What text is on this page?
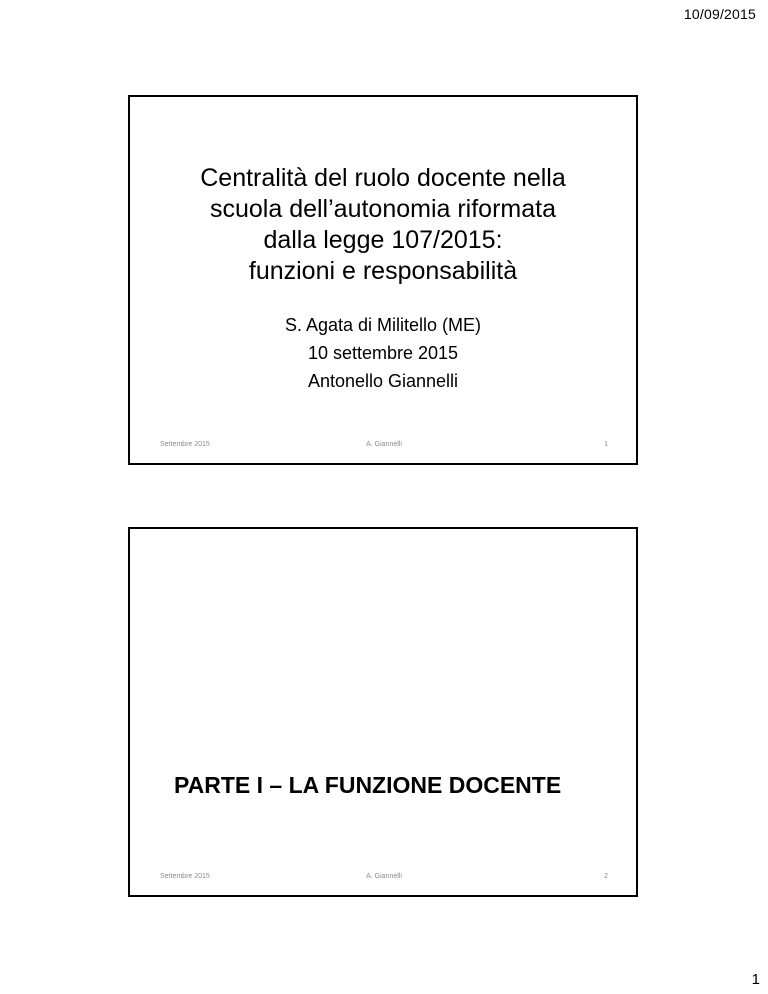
10/09/2015
Centralità del ruolo docente nella
scuola dell’autonomia riformata
dalla legge 107/2015:
funzioni e responsabilità
S. Agata di Militello (ME)
10 settembre 2015
Antonello Giannelli
Settembre 2015	A. Giannelli	1
PARTE I – LA FUNZIONE DOCENTE
Settembre 2015	A. Giannelli	2
1
